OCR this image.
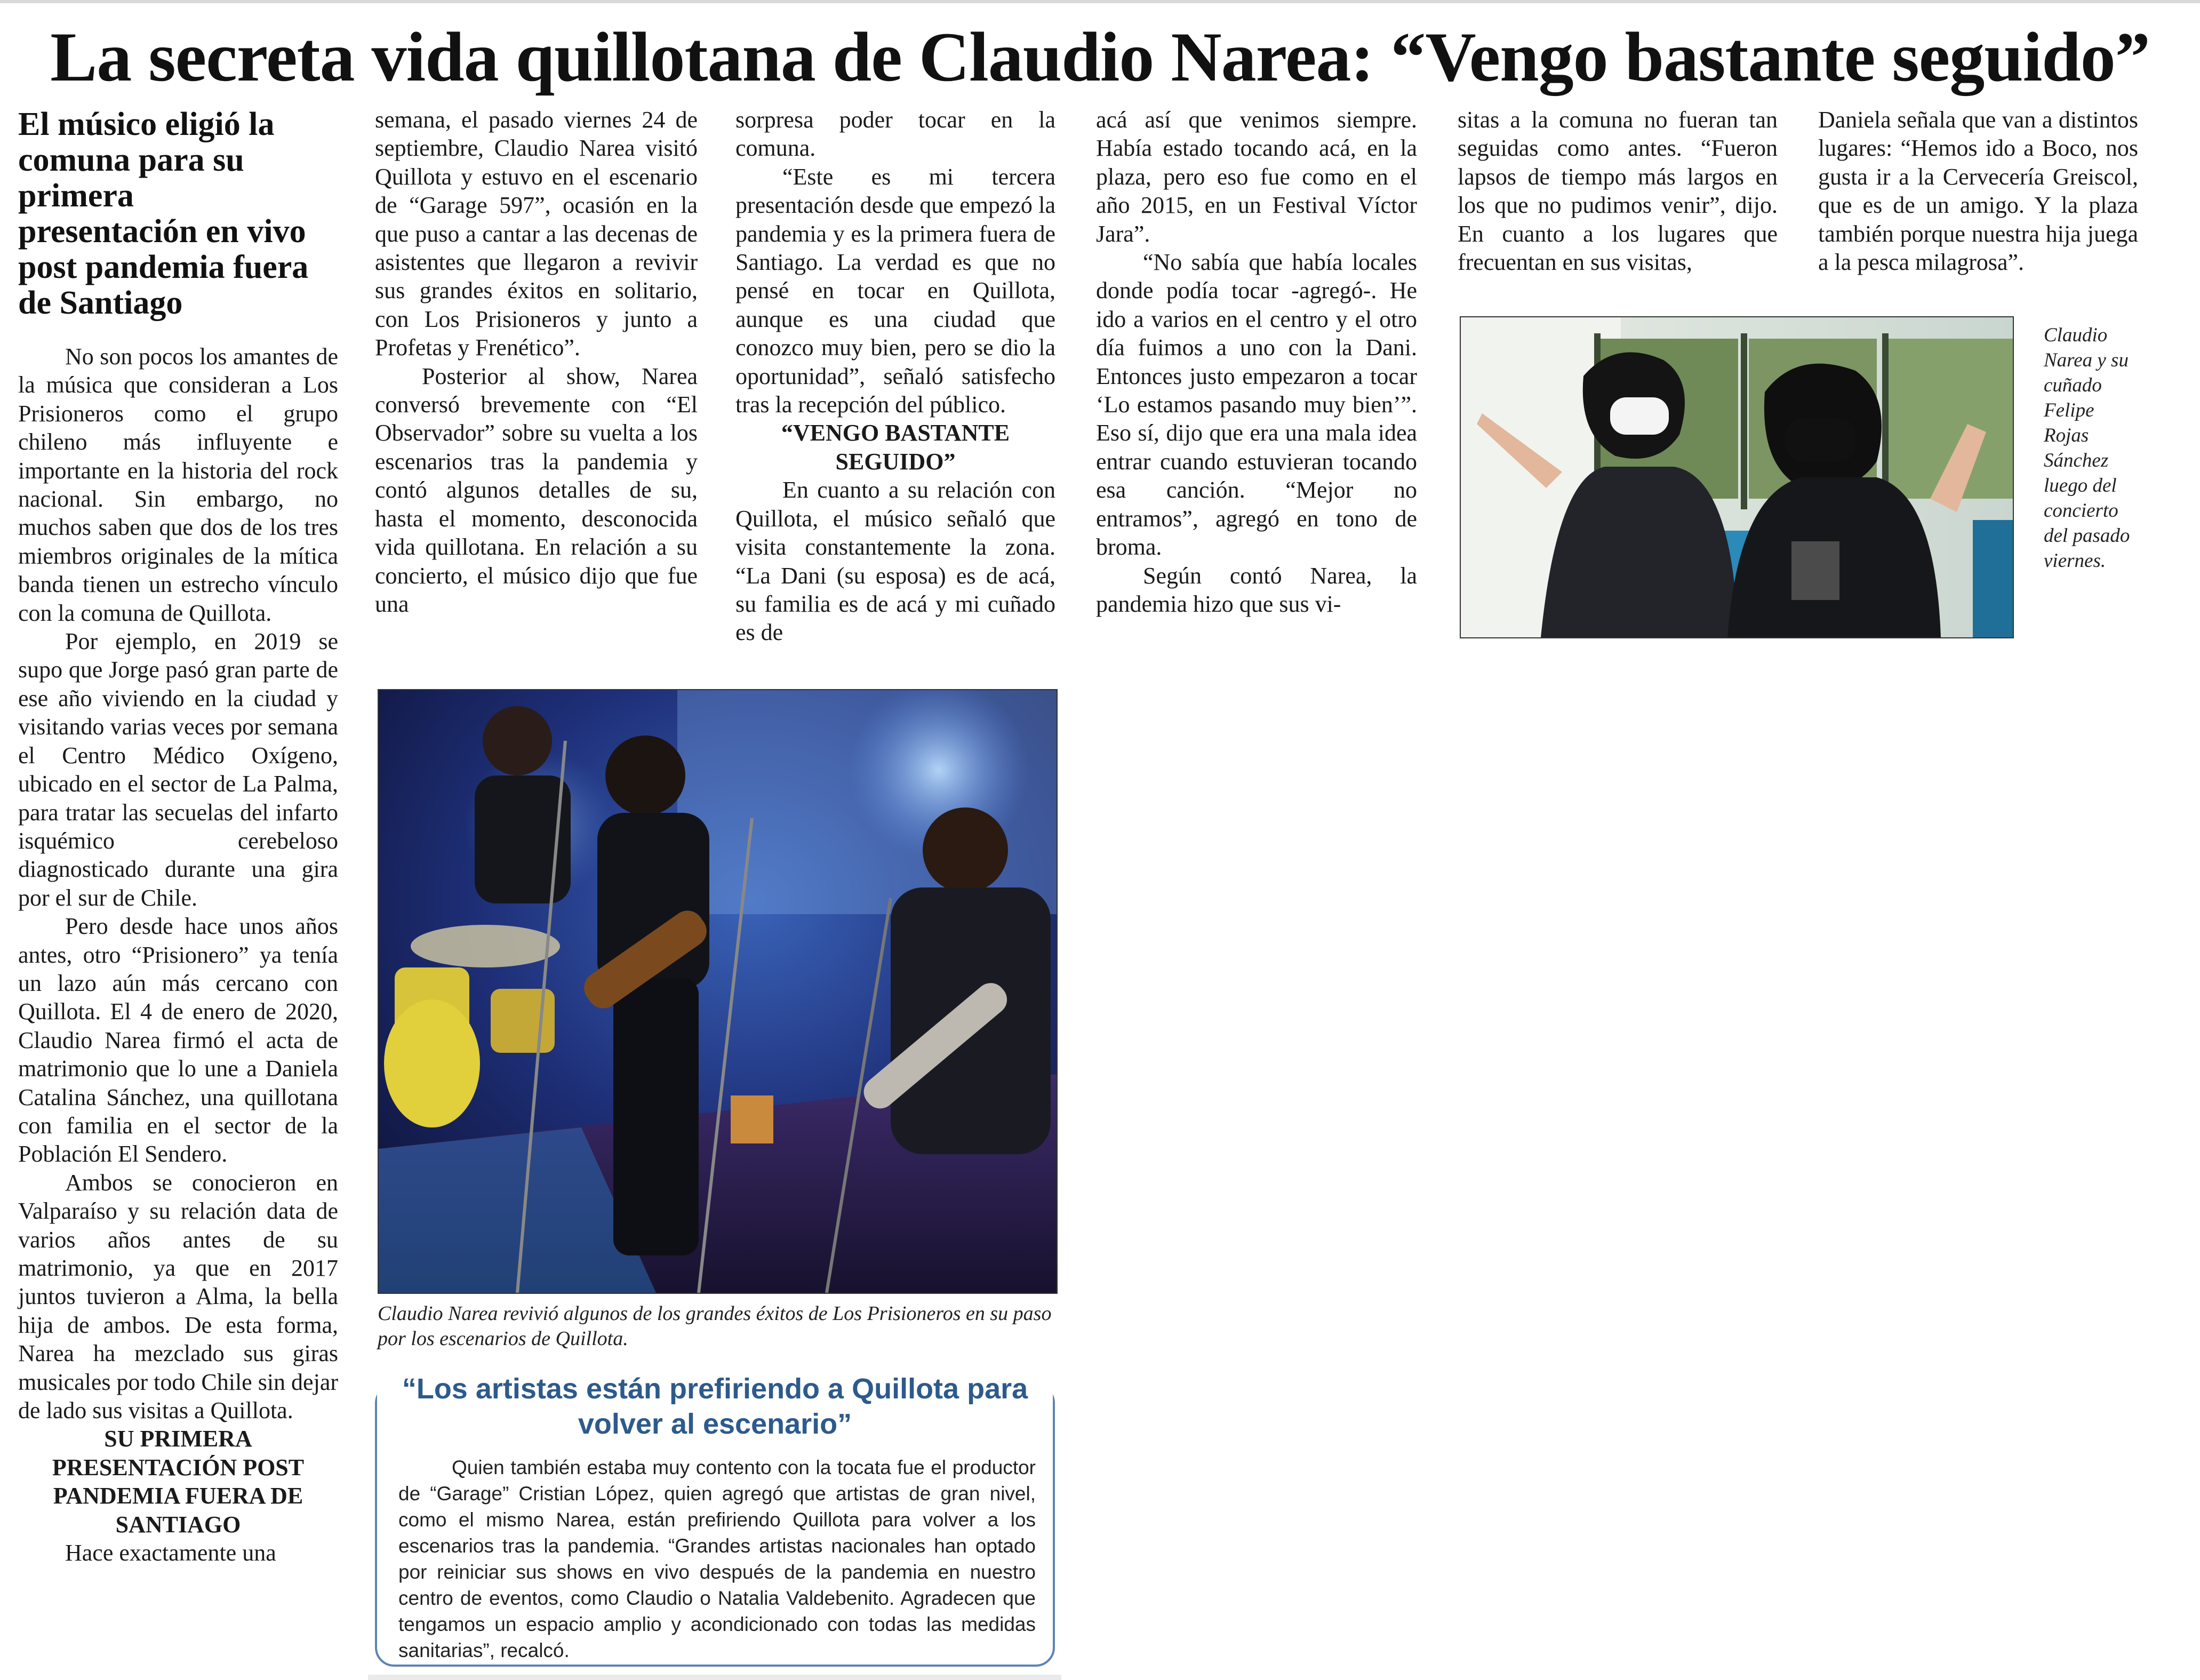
La secreta vida quillotana de Claudio Narea: “Vengo bastante seguido”
El músico eligió la comuna para su primera presentación en vivo post pandemia fuera de Santiago

No son pocos los amantes de la música que consideran a Los Prisioneros como el grupo chileno más influyente e importante en la historia del rock nacional. Sin embargo, no muchos saben que dos de los tres miembros originales de la mítica banda tienen un estrecho vínculo con la comuna de Quillota.

Por ejemplo, en 2019 se supo que Jorge pasó gran parte de ese año viviendo en la ciudad y visitando varias veces por semana el Centro Médico Oxígeno, ubicado en el sector de La Palma, para tratar las secuelas del infarto isquémico cerebeloso diagnosticado durante una gira por el sur de Chile.

Pero desde hace unos años antes, otro “Prisionero” ya tenía un lazo aún más cercano con Quillota. El 4 de enero de 2020, Claudio Narea firmó el acta de matrimonio que lo une a Daniela Catalina Sánchez, una quillotana con familia en el sector de la Población El Sendero.

Ambos se conocieron en Valparaíso y su relación data de varios años antes de su matrimonio, ya que en 2017 juntos tuvieron a Alma, la bella hija de ambos. De esta forma, Narea ha mezclado sus giras musicales por todo Chile sin dejar de lado sus visitas a Quillota.

SU PRIMERA PRESENTACIÓN POST PANDEMIA FUERA DE SANTIAGO

Hace exactamente una

semana, el pasado viernes 24 de septiembre, Claudio Narea visitó Quillota y estuvo en el escenario de “Garage 597”, ocasión en la que puso a cantar a las decenas de asistentes que llegaron a revivir sus grandes éxitos en solitario, con Los Prisioneros y junto a Profetas y Frenético”.

Posterior al show, Narea conversó brevemente con “El Observador” sobre su vuelta a los escenarios tras la pandemia y contó algunos detalles de su, hasta el momento, desconocida vida quillotana. En relación a su concierto, el músico dijo que fue una

sorpresa poder tocar en la comuna.

“Este es mi tercera presentación desde que empezó la pandemia y es la primera fuera de Santiago. La verdad es que no pensé en tocar en Quillota, aunque es una ciudad que conozco muy bien, pero se dio la oportunidad”, señaló satisfecho tras la recepción del público.

“VENGO BASTANTE SEGUIDO”

En cuanto a su relación con Quillota, el músico señaló que visita constantemente la zona. “La Dani (su esposa) es de acá, su familia es de acá y mi cuñado es de

acá así que venimos siempre. Había estado tocando acá, en la plaza, pero eso fue como en el año 2015, en un Festival Víctor Jara”.

“No sabía que había locales donde podía tocar -agregó-. He ido a varios en el centro y el otro día fuimos a uno con la Dani. Entonces justo empezaron a tocar ‘Lo estamos pasando muy bien’”. Eso sí, dijo que era una mala idea entrar cuando estuvieran tocando esa canción. “Mejor no entramos”, agregó en tono de broma.

Según contó Narea, la pandemia hizo que sus vi-

sitas a la comuna no fueran tan seguidas como antes. “Fueron lapsos de tiempo más largos en los que no pudimos venir”, dijo. En cuanto a los lugares que frecuentan en sus visitas,

Daniela señala que van a distintos lugares: “Hemos ido a Boco, nos gusta ir a la Cervecería Greiscol, que es de un amigo. Y la plaza también porque nuestra hija juega a la pesca milagrosa”.

Claudio Narea revivió algunos de los grandes éxitos de Los Prisioneros en su paso por los escenarios de Quillota.
Claudio Narea y su cuñado Felipe Rojas Sánchez luego del concierto del pasado viernes.
“Los artistas están prefiriendo a Quillota para volver al escenario”

Quien también estaba muy contento con la tocata fue el productor de “Garage” Cristian López, quien agregó que artistas de gran nivel, como el mismo Narea, están prefiriendo Quillota para volver a los escenarios tras la pandemia. “Grandes artistas nacionales han optado por reiniciar sus shows en vivo después de la pandemia en nuestro centro de eventos, como Claudio o Natalia Valdebenito. Agradecen que tengamos un espacio amplio y acondicionado con todas las medidas sanitarias”, recalcó.
